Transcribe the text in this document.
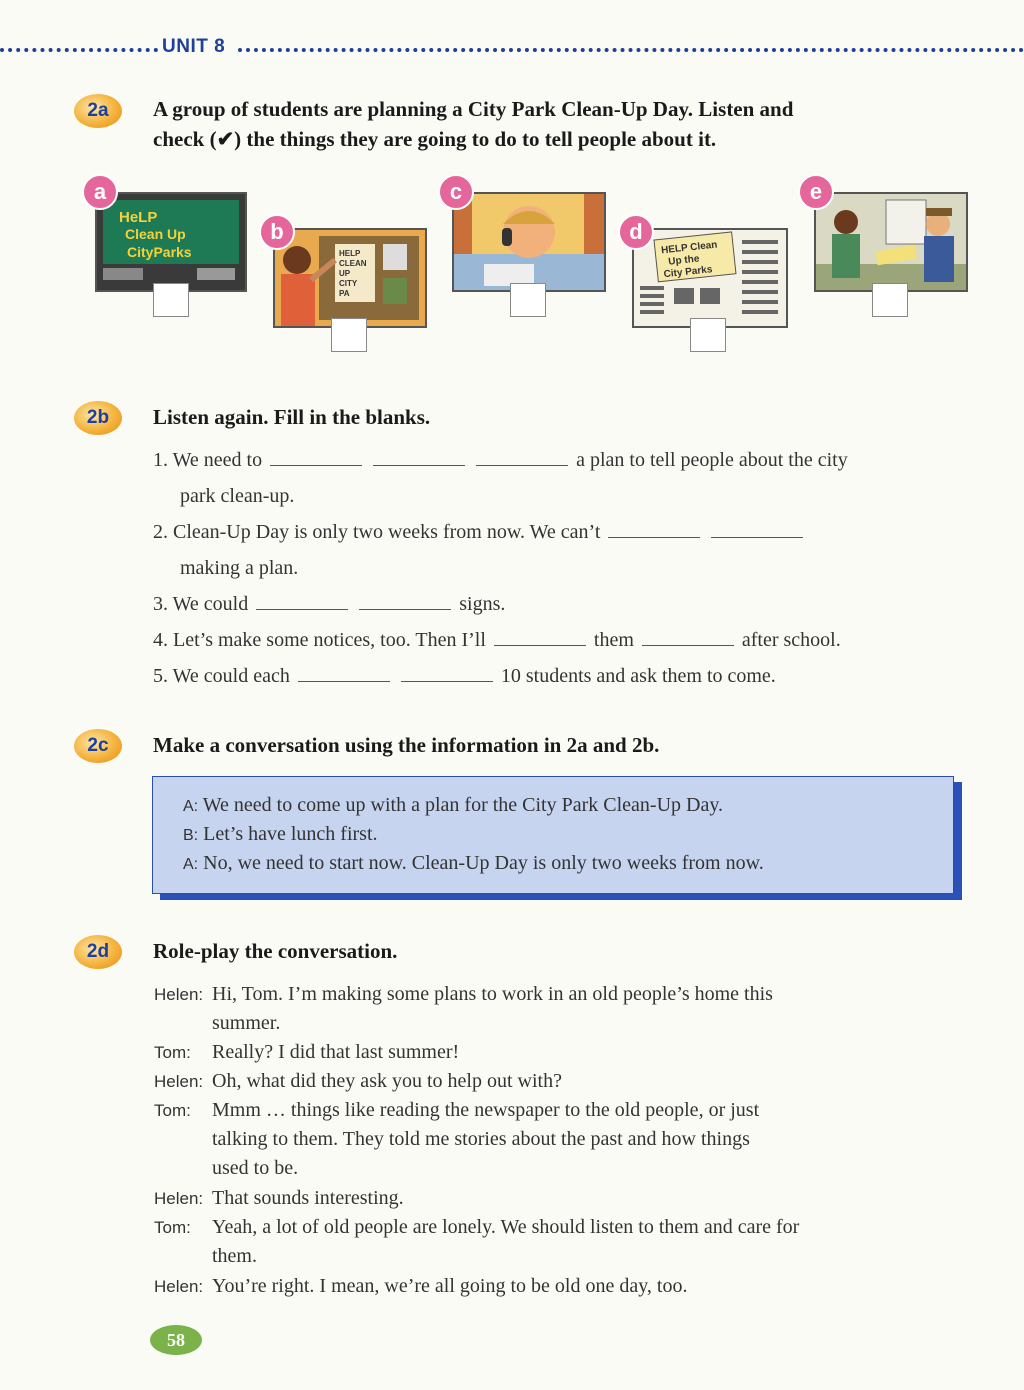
UNIT 8
2a	A group of students are planning a City Park Clean-Up Day. Listen and
check (✔) the things they are going to do to tell people about it.
a
HeLP
Clean Up
CityParks
b
HELP
CLEAN
UP
CITY
PA
c
d
HELP Clean
Up the
City Parks
e
2b	Listen again. Fill in the blanks.
1. We need to	a plan to tell people about the city
park clean-up.
2. Clean-Up Day is only two weeks from now. We can’t
making a plan.
3. We could	signs.
4. Let’s make some notices, too. Then I’ll	them	after school.
5. We could each	10 students and ask them to come.
2c	Make a conversation using the information in 2a and 2b.
A: We need to come up with a plan for the City Park Clean-Up Day.
B: Let’s have lunch first.
A: No, we need to start now. Clean-Up Day is only two weeks from now.
2d	Role-play the conversation.
Helen: Hi, Tom. I’m making some plans to work in an old people’s home this
summer.
Tom: Really? I did that last summer!
Helen: Oh, what did they ask you to help out with?
Tom: Mmm … things like reading the newspaper to the old people, or just
talking to them. They told me stories about the past and how things
used to be.
Helen: That sounds interesting.
Tom: Yeah, a lot of old people are lonely. We should listen to them and care for
them.
Helen: You’re right. I mean, we’re all going to be old one day, too.
58
